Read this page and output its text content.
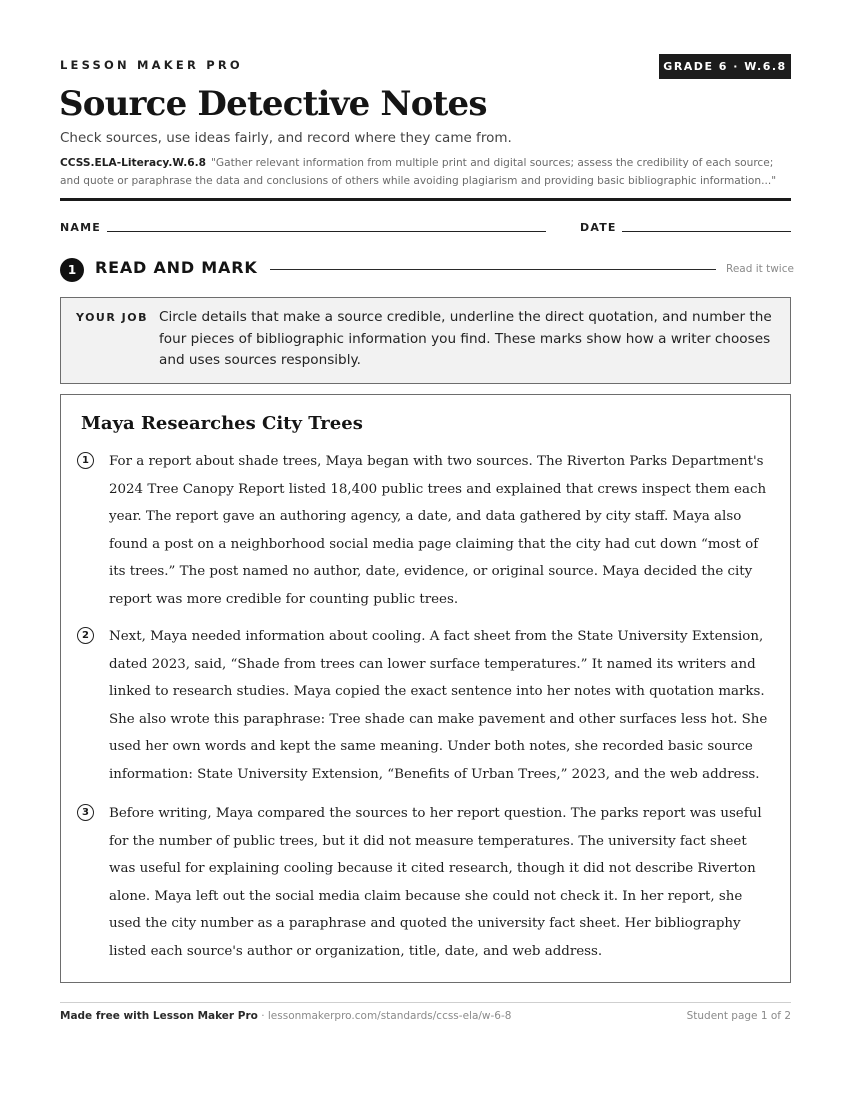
LESSON MAKER PRO	GRADE 6 · W.6.8
Source Detective Notes
Check sources, use ideas fairly, and record where they came from.
CCSS.ELA-Literacy.W.6.8 "Gather relevant information from multiple print and digital sources; assess the credibility of each source; and quote or paraphrase the data and conclusions of others while avoiding plagiarism and providing basic bibliographic information..."
NAME	DATE
1	READ AND MARK	Read it twice
YOUR JOB Circle details that make a source credible, underline the direct quotation, and number the four pieces of bibliographic information you find. These marks show how a writer chooses and uses sources responsibly.
Maya Researches City Trees
1	For a report about shade trees, Maya began with two sources. The Riverton Parks Department's 2024 Tree Canopy Report listed 18,400 public trees and explained that crews inspect them each year. The report gave an authoring agency, a date, and data gathered by city staff. Maya also found a post on a neighborhood social media page claiming that the city had cut down “most of its trees.” The post named no author, date, evidence, or original source. Maya decided the city report was more credible for counting public trees.
2	Next, Maya needed information about cooling. A fact sheet from the State University Extension, dated 2023, said, “Shade from trees can lower surface temperatures.” It named its writers and linked to research studies. Maya copied the exact sentence into her notes with quotation marks. She also wrote this paraphrase: Tree shade can make pavement and other surfaces less hot. She used her own words and kept the same meaning. Under both notes, she recorded basic source information: State University Extension, “Benefits of Urban Trees,” 2023, and the web address.
3	Before writing, Maya compared the sources to her report question. The parks report was useful for the number of public trees, but it did not measure temperatures. The university fact sheet was useful for explaining cooling because it cited research, though it did not describe Riverton alone. Maya left out the social media claim because she could not check it. In her report, she used the city number as a paraphrase and quoted the university fact sheet. Her bibliography listed each source's author or organization, title, date, and web address.
Made free with Lesson Maker Pro · lessonmakerpro.com/standards/ccss-ela/w-6-8	Student page 1 of 2
